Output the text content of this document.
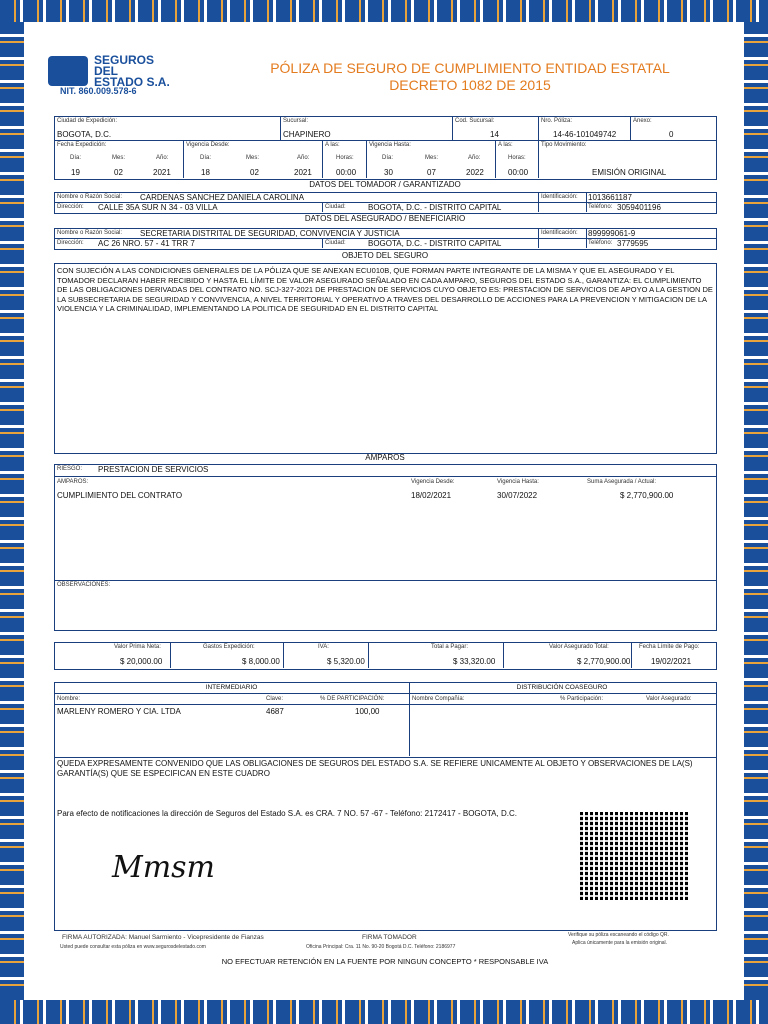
SEGUROS
DEL
ESTADO S.A.
NIT. 860.009.578-6
PÓLIZA DE SEGURO DE CUMPLIMIENTO ENTIDAD ESTATAL
DECRETO 1082 DE 2015
Ciudad de Expedición:
BOGOTA, D.C.
Sucursal:
CHAPINERO
Cod. Sucursal:
14
Nro. Póliza:
14-46-101049742
Anexo:
0
Fecha Expedición:	Vigencia Desde:	A las:	Vigencia Hasta:	A las:	Tipo Movimiento:
Día:	Mes:	Año:	Día:	Mes:	Año:	Horas:	Día:	Mes:	Año:	Horas:
19	02	2021	18	02	2021	00:00	30	07	2022	00:00	EMISIÓN ORIGINAL
DATOS DEL TOMADOR / GARANTIZADO
Nombre o Razón Social: CARDENAS SANCHEZ DANIELA CAROLINA	Identificación: 1013661187
Dirección: CALLE 35A SUR N 34 - 03 VILLA	Ciudad:	BOGOTA, D.C. - DISTRITO CAPITAL	Teléfono: 3059401196
DATOS DEL ASEGURADO / BENEFICIARIO
Nombre o Razón Social: SECRETARIA DISTRITAL DE SEGURIDAD, CONVIVENCIA Y JUSTICIA	Identificación: 899999061-9
Dirección: AC 26 NRO. 57 - 41 TRR 7	Ciudad:	BOGOTA, D.C. - DISTRITO CAPITAL	Teléfono: 3779595
OBJETO DEL SEGURO
CON SUJECIÓN A LAS CONDICIONES GENERALES DE LA PÓLIZA QUE SE ANEXAN ECU010B, QUE FORMAN PARTE INTEGRANTE DE LA MISMA Y QUE EL ASEGURADO Y EL TOMADOR DECLARAN HABER RECIBIDO Y HASTA EL LÍMITE DE VALOR ASEGURADO SEÑALADO EN CADA AMPARO, SEGUROS DEL ESTADO S.A., GARANTIZA: EL CUMPLIMIENTO DE LAS OBLIGACIONES DERIVADAS DEL CONTRATO NO. SCJ-327-2021 DE PRESTACION DE SERVICIOS CUYO OBJETO ES: PRESTACION DE SERVICIOS DE APOYO A LA GESTION DE LA SUBSECRETARIA DE SEGURIDAD Y CONVIVENCIA, A NIVEL TERRITORIAL Y OPERATIVO A TRAVES DEL DESARROLLO DE ACCIONES PARA LA PREVENCION Y MITIGACION DE LA VIOLENCIA Y LA CRIMINALIDAD, IMPLEMENTANDO LA POLITICA DE SEGURIDAD EN EL DISTRITO CAPITAL
AMPAROS
RIESGO: PRESTACION DE SERVICIOS
AMPAROS:	Vigencia Desde:	Vigencia Hasta:	Suma Asegurada / Actual:
CUMPLIMIENTO DEL CONTRATO	18/02/2021	30/07/2022	$ 2,770,900.00
OBSERVACIONES:
Valor Prima Neta:	Gastos Expedición:	IVA:	Total a Pagar:	Valor Asegurado Total:	Fecha Límite de Pago:
$ 20,000.00	$ 8,000.00	$ 5,320.00	$ 33,320.00	$ 2,770,900.00	19/02/2021
INTERMEDIARIO	DISTRIBUCIÓN COASEGURO
Nombre:	Clave:	% DE PARTICIPACIÓN:	Nombre Compañía:	% Participación:	Valor Asegurado:
MARLENY ROMERO Y CIA. LTDA	4687	100,00
QUEDA EXPRESAMENTE CONVENIDO QUE LAS OBLIGACIONES DE SEGUROS DEL ESTADO S.A. SE REFIERE UNICAMENTE AL OBJETO Y OBSERVACIONES DE LA(S) GARANTÍA(S) QUE SE ESPECIFICAN EN ESTE CUADRO
Para efecto de notificaciones la dirección de Seguros del Estado S.A. es CRA. 7 NO. 57 -67 - Teléfono: 2172417 - BOGOTA, D.C.
Mmsm
FIRMA AUTORIZADA: Manuel Sarmiento - Vicepresidente de Fianzas
Usted puede consultar esta póliza en www.segurosdelestado.com
FIRMA TOMADOR
Oficina Principal: Cra. 11 No. 90-20 Bogotá D.C. Teléfono: 2186977
Verifique su póliza escaneando el código QR.
Aplica únicamente para la emisión original.
NO EFECTUAR RETENCIÓN EN LA FUENTE POR NINGUN CONCEPTO * RESPONSABLE IVA
